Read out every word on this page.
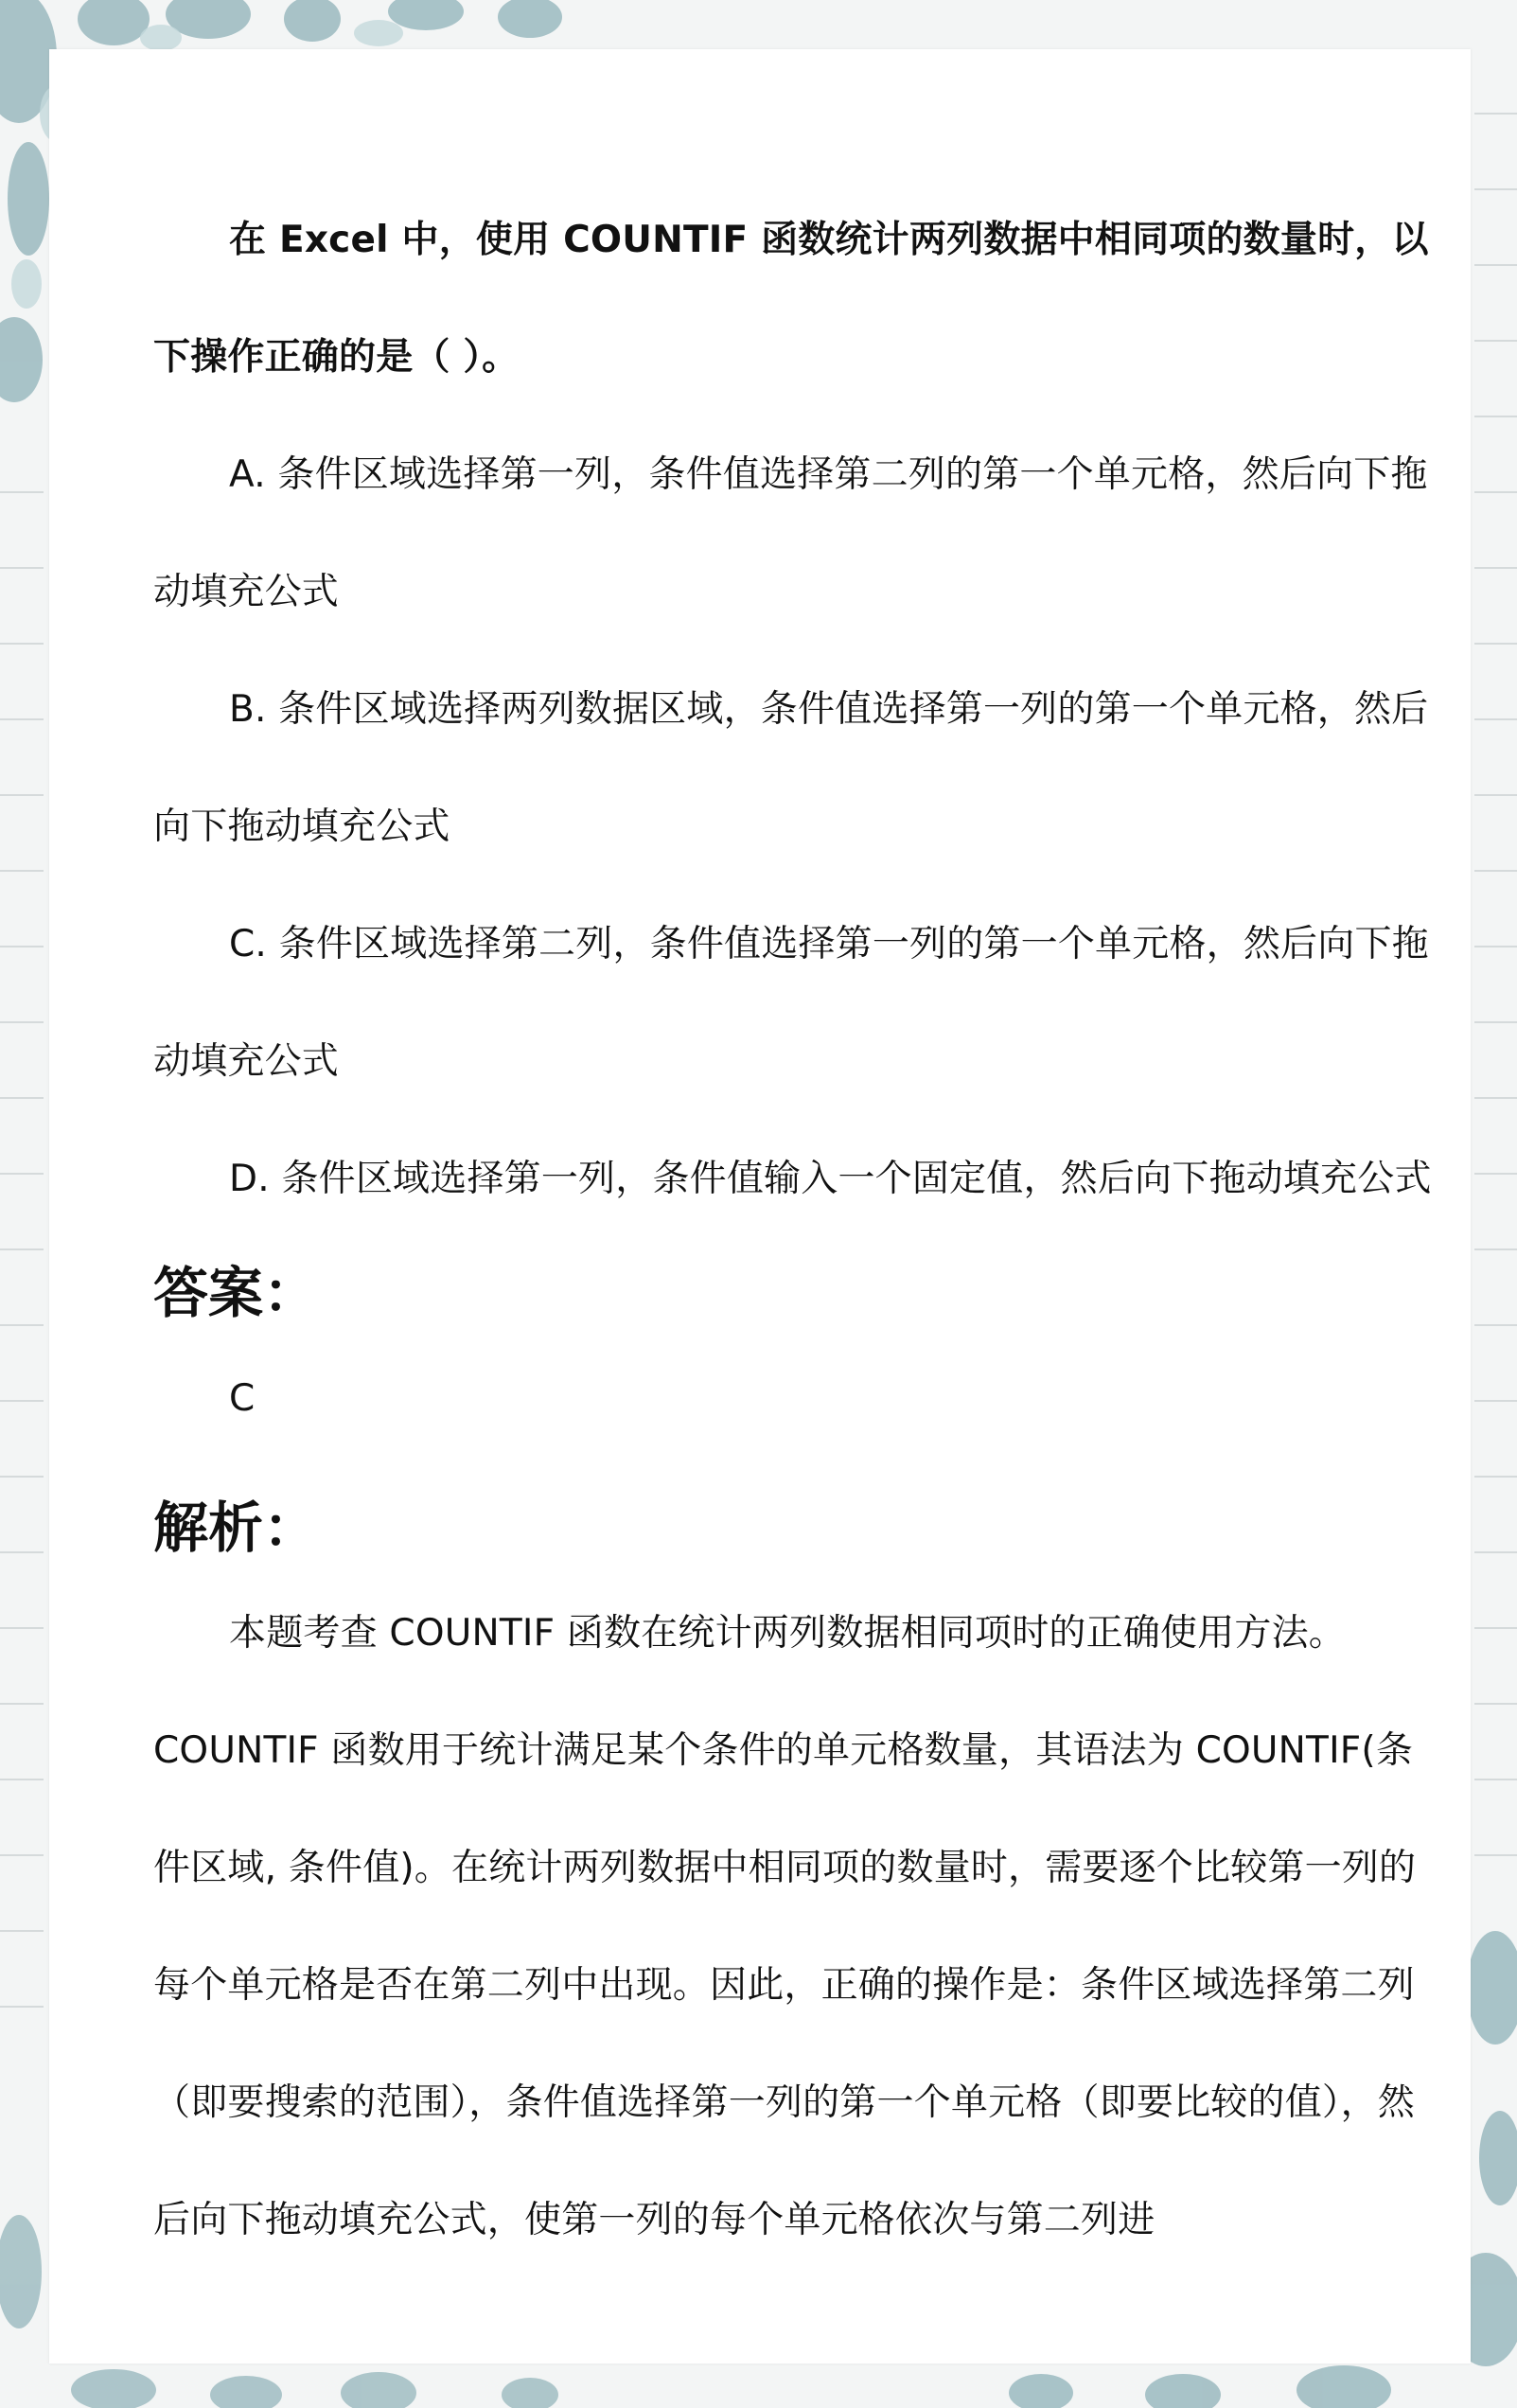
在 Excel 中，使用 COUNTIF 函数统计两列数据中相同项的数量时，以下操作正确的是（ ）。

A. 条件区域选择第一列，条件值选择第二列的第一个单元格，然后向下拖动填充公式

B. 条件区域选择两列数据区域，条件值选择第一列的第一个单元格，然后向下拖动填充公式

C. 条件区域选择第二列，条件值选择第一列的第一个单元格，然后向下拖动填充公式

D. 条件区域选择第一列，条件值输入一个固定值，然后向下拖动填充公式

答案：

C

解析：

本题考查 COUNTIF 函数在统计两列数据相同项时的正确使用方法。COUNTIF 函数用于统计满足某个条件的单元格数量，其语法为 COUNTIF(条件区域, 条件值)。在统计两列数据中相同项的数量时，需要逐个比较第一列的每个单元格是否在第二列中出现。因此，正确的操作是：条件区域选择第二列（即要搜索的范围），条件值选择第一列的第一个单元格（即要比较的值），然后向下拖动填充公式，使第一列的每个单元格依次与第二列进
